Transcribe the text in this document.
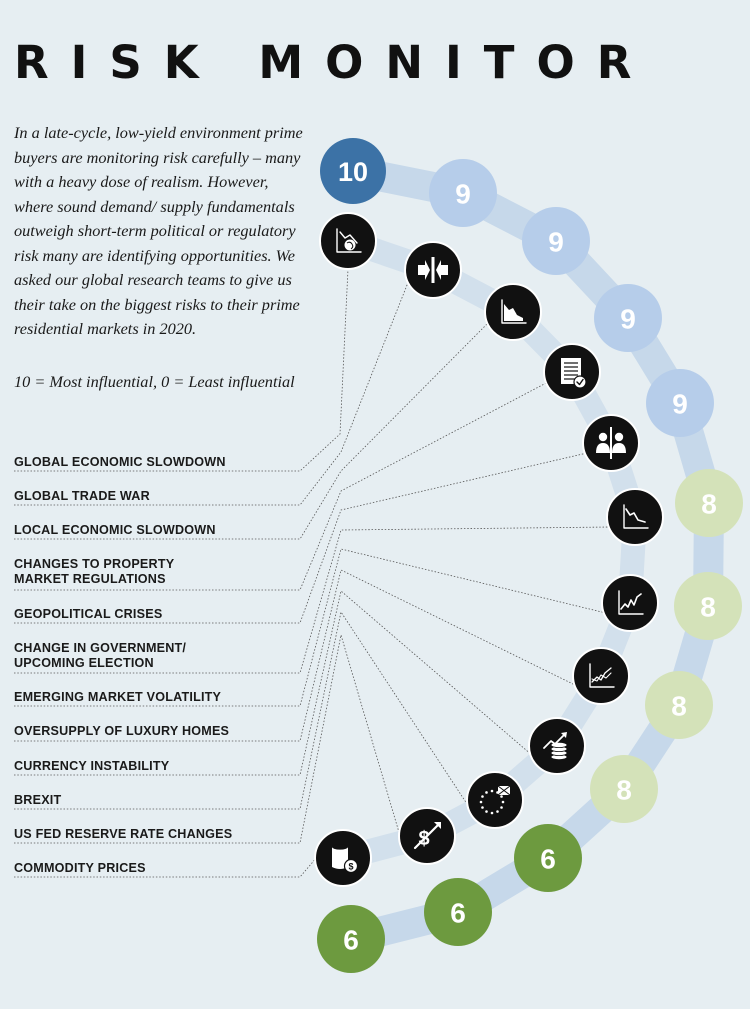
$
$
10
9
9
9
9
8
8
8
8
6
6
6
RISK MONITOR

In a late-cycle, low-yield environment prime buyers are monitoring risk carefully – many with a heavy dose of realism. However, where sound demand/ supply fundamentals outweigh short-term political or regulatory risk many are identifying opportunities. We asked our global research teams to give us their take on the biggest risks to their prime residential markets in 2020.

10 = Most influential, 0 = Least influential

GLOBAL ECONOMIC SLOWDOWN
GLOBAL TRADE WAR
LOCAL ECONOMIC SLOWDOWN
CHANGES TO PROPERTY
MARKET REGULATIONS
GEOPOLITICAL CRISES
CHANGE IN GOVERNMENT/
UPCOMING ELECTION
EMERGING MARKET VOLATILITY
OVERSUPPLY OF LUXURY HOMES
CURRENCY INSTABILITY
BREXIT
US FED RESERVE RATE CHANGES
COMMODITY PRICES
